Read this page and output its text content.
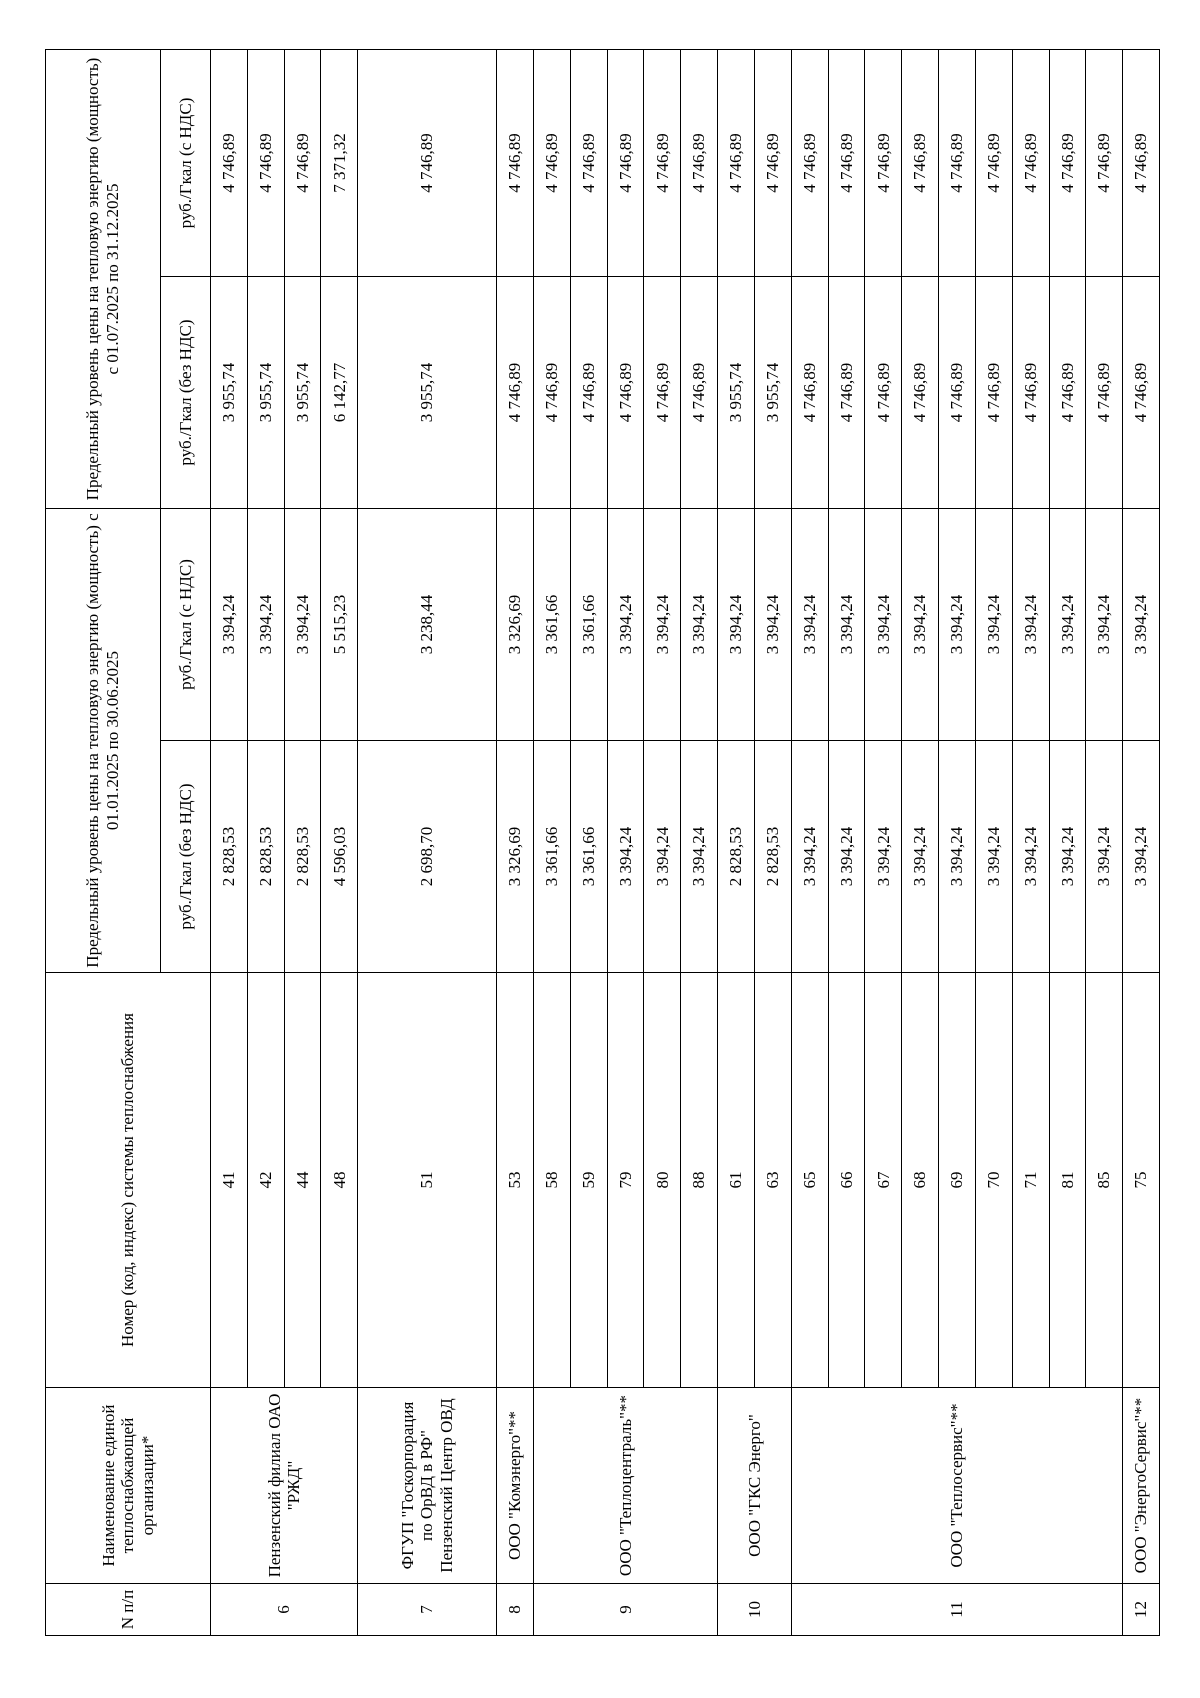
N п/п	Наименование единой теплоснабжающей организации*	Номер (код, индекс) системы теплоснабжения	Предельный уровень цены на тепловую энергию (мощность) с 01.01.2025 по 30.06.2025		Предельный уровень цены на тепловую энергию (мощность) с 01.07.2025 по 31.12.2025	
			руб./Гкал (без НДС)	руб./Гкал (с НДС)	руб./Гкал (без НДС)	руб./Гкал (с НДС)
6	Пензенский филиал ОАО "РЖД"	41	2 828,53	3 394,24	3 955,74	4 746,89
		42	2 828,53	3 394,24	3 955,74	4 746,89
		44	2 828,53	3 394,24	3 955,74	4 746,89
		48	4 596,03	5 515,23	6 142,77	7 371,32
7	ФГУП "Госкорпорация по ОрВД в РФ" Пензенский Центр ОВД	51	2 698,70	3 238,44	3 955,74	4 746,89
8	ООО "Комэнерго"**	53	3 326,69	3 326,69	4 746,89	4 746,89
9	ООО "Теплоцентраль"**	58	3 361,66	3 361,66	4 746,89	4 746,89
		59	3 361,66	3 361,66	4 746,89	4 746,89
		79	3 394,24	3 394,24	4 746,89	4 746,89
		80	3 394,24	3 394,24	4 746,89	4 746,89
		88	3 394,24	3 394,24	4 746,89	4 746,89
10	ООО "ГКС Энерго"	61	2 828,53	3 394,24	3 955,74	4 746,89
		63	2 828,53	3 394,24	3 955,74	4 746,89
11	ООО "Теплосервис"**	65	3 394,24	3 394,24	4 746,89	4 746,89
		66	3 394,24	3 394,24	4 746,89	4 746,89
		67	3 394,24	3 394,24	4 746,89	4 746,89
		68	3 394,24	3 394,24	4 746,89	4 746,89
		69	3 394,24	3 394,24	4 746,89	4 746,89
		70	3 394,24	3 394,24	4 746,89	4 746,89
		71	3 394,24	3 394,24	4 746,89	4 746,89
		81	3 394,24	3 394,24	4 746,89	4 746,89
		85	3 394,24	3 394,24	4 746,89	4 746,89
12	ООО "ЭнергоСервис"**	75	3 394,24	3 394,24	4 746,89	4 746,89
